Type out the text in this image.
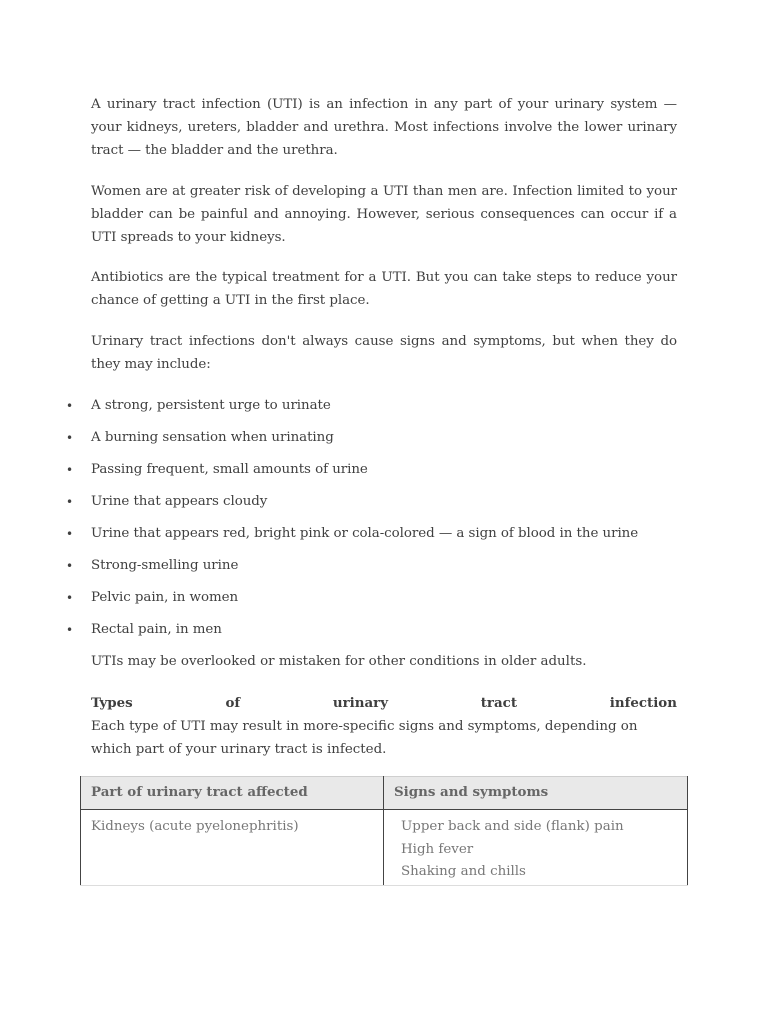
A urinary tract infection (UTI) is an infection in any part of your urinary system — your kidneys, ureters, bladder and urethra. Most infections involve the lower urinary tract — the bladder and the urethra.

Women are at greater risk of developing a UTI than men are. Infection limited to your bladder can be painful and annoying. However, serious consequences can occur if a UTI spreads to your kidneys.

Antibiotics are the typical treatment for a UTI. But you can take steps to reduce your chance of getting a UTI in the first place.

Urinary tract infections don't always cause signs and symptoms, but when they do they may include:

• A strong, persistent urge to urinate
• A burning sensation when urinating
• Passing frequent, small amounts of urine
• Urine that appears cloudy
• Urine that appears red, bright pink or cola-colored — a sign of blood in the urine
• Strong-smelling urine
• Pelvic pain, in women
• Rectal pain, in men

UTIs may be overlooked or mistaken for other conditions in older adults.

Types	of	urinary	tract	infection

Each type of UTI may result in more-specific signs and symptoms, depending on which part of your urinary tract is infected.

Part of urinary tract affected	Signs and symptoms
Kidneys (acute pyelonephritis)	Upper back and side (flank) pain
High fever
Shaking and chills
